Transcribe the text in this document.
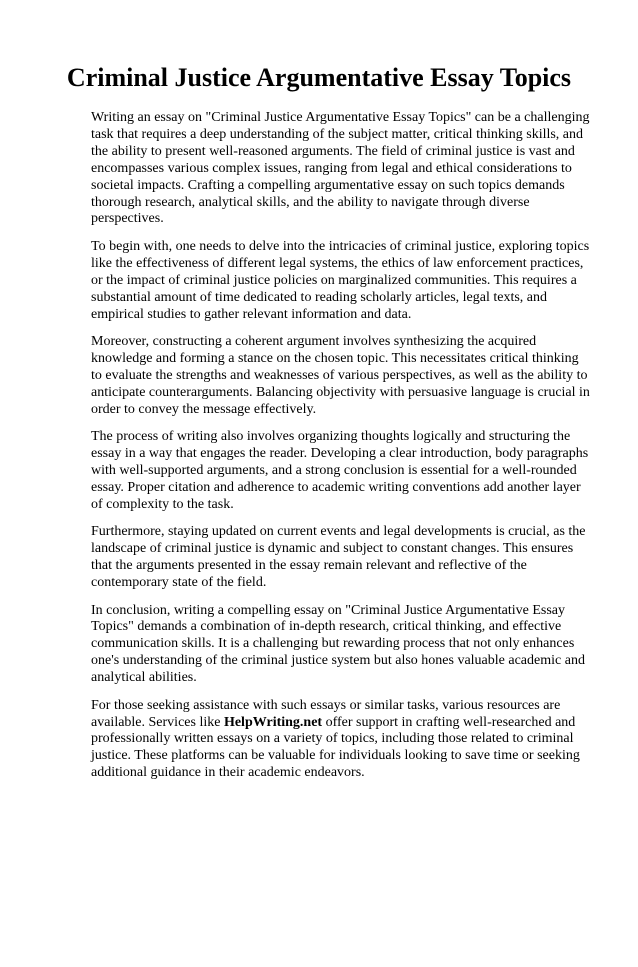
Criminal Justice Argumentative Essay Topics

Writing an essay on "Criminal Justice Argumentative Essay Topics" can be a challenging task that requires a deep understanding of the subject matter, critical thinking skills, and the ability to present well-reasoned arguments. The field of criminal justice is vast and encompasses various complex issues, ranging from legal and ethical considerations to societal impacts. Crafting a compelling argumentative essay on such topics demands thorough research, analytical skills, and the ability to navigate through diverse perspectives.

To begin with, one needs to delve into the intricacies of criminal justice, exploring topics like the effectiveness of different legal systems, the ethics of law enforcement practices, or the impact of criminal justice policies on marginalized communities. This requires a substantial amount of time dedicated to reading scholarly articles, legal texts, and empirical studies to gather relevant information and data.

Moreover, constructing a coherent argument involves synthesizing the acquired knowledge and forming a stance on the chosen topic. This necessitates critical thinking to evaluate the strengths and weaknesses of various perspectives, as well as the ability to anticipate counterarguments. Balancing objectivity with persuasive language is crucial in order to convey the message effectively.

The process of writing also involves organizing thoughts logically and structuring the essay in a way that engages the reader. Developing a clear introduction, body paragraphs with well-supported arguments, and a strong conclusion is essential for a well-rounded essay. Proper citation and adherence to academic writing conventions add another layer of complexity to the task.

Furthermore, staying updated on current events and legal developments is crucial, as the landscape of criminal justice is dynamic and subject to constant changes. This ensures that the arguments presented in the essay remain relevant and reflective of the contemporary state of the field.

In conclusion, writing a compelling essay on "Criminal Justice Argumentative Essay Topics" demands a combination of in-depth research, critical thinking, and effective communication skills. It is a challenging but rewarding process that not only enhances one's understanding of the criminal justice system but also hones valuable academic and analytical abilities.

For those seeking assistance with such essays or similar tasks, various resources are available. Services like HelpWriting.net offer support in crafting well-researched and professionally written essays on a variety of topics, including those related to criminal justice. These platforms can be valuable for individuals looking to save time or seeking additional guidance in their academic endeavors.
